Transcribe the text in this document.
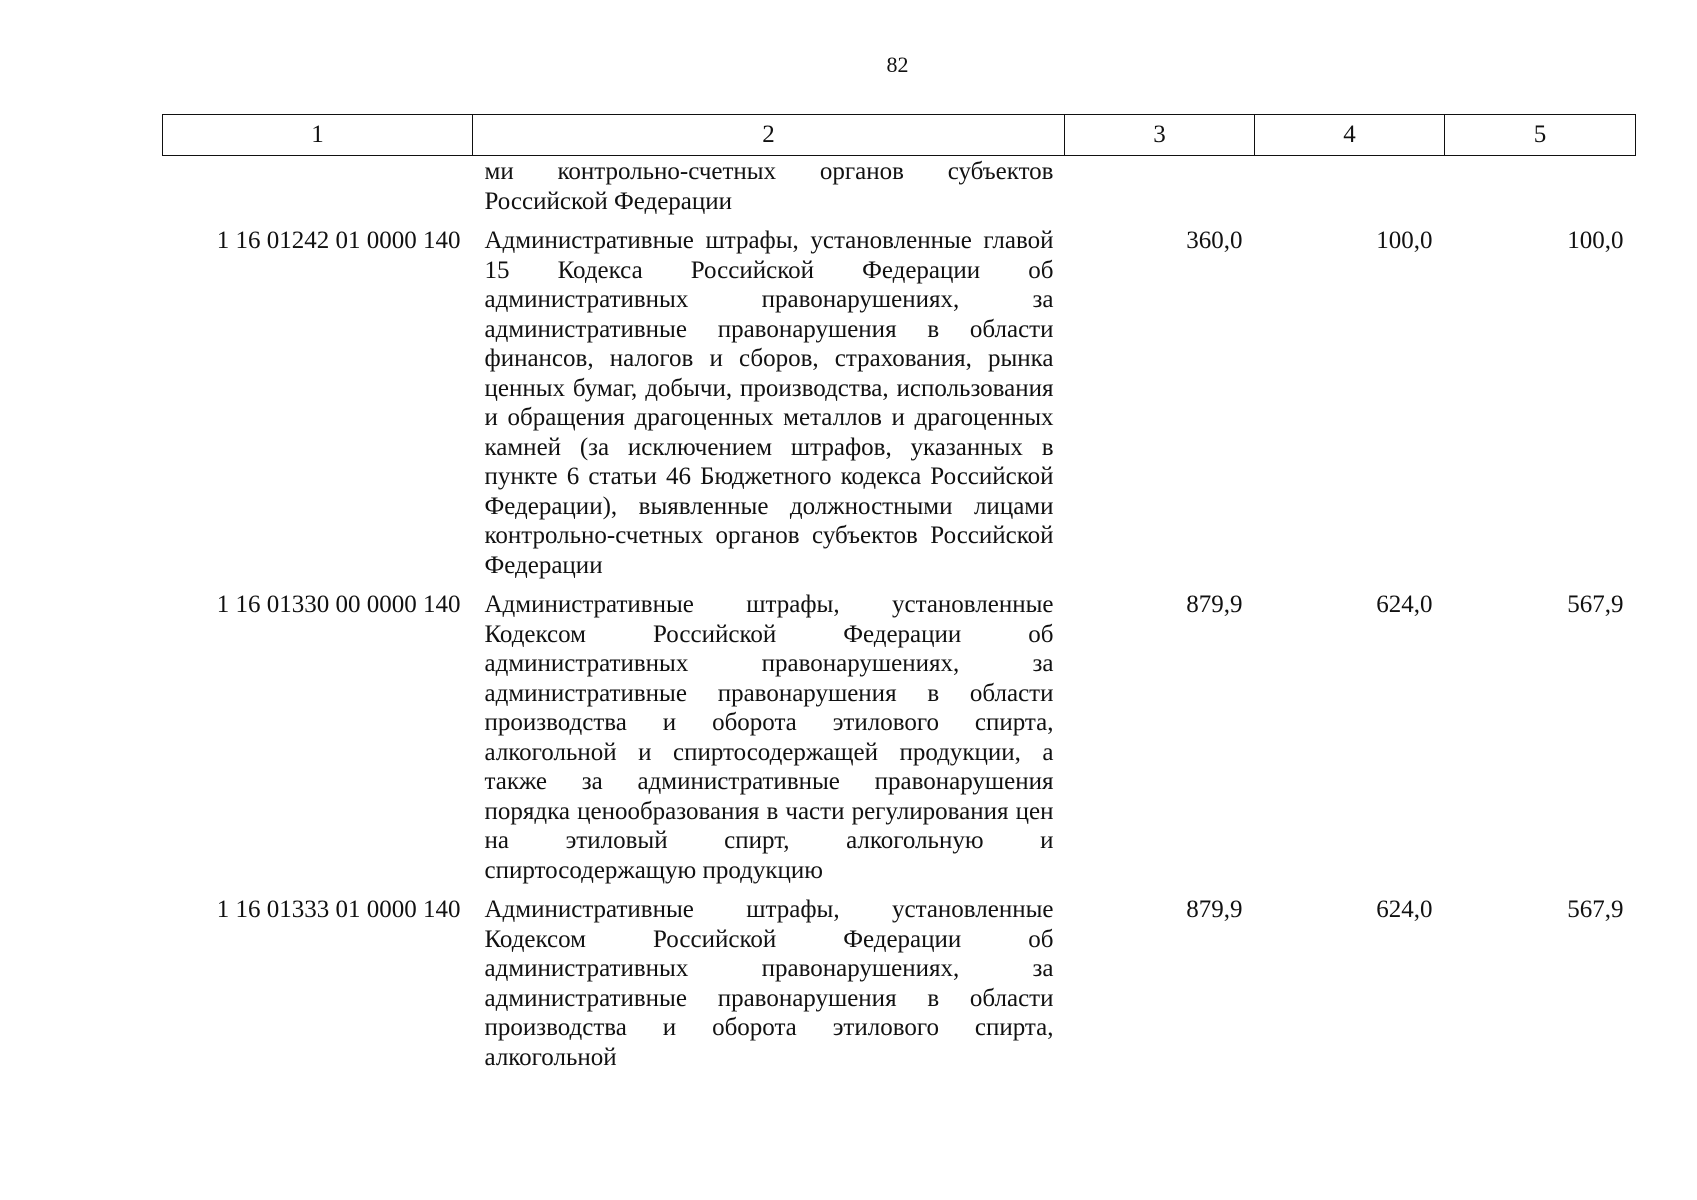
82
1	2	3	4	5
	ми контрольно-счетных органов субъектов Российской Федерации			
1 16 01242 01 0000 140	Административные штрафы, установленные главой 15 Кодекса Российской Федерации об административных правонарушениях, за административные правонарушения в области финансов, налогов и сборов, страхования, рынка ценных бумаг, добычи, производства, использования и обращения драгоценных металлов и драгоценных камней (за исключением штрафов, указанных в пункте 6 статьи 46 Бюджетного кодекса Российской Федерации), выявленные должностными лицами контрольно-счетных органов субъектов Российской Федерации	360,0	100,0	100,0
1 16 01330 00 0000 140	Административные штрафы, установленные Кодексом Российской Федерации об административных правонарушениях, за административные правонарушения в области производства и оборота этилового спирта, алкогольной и спиртосодержащей продукции, а также за административные правонарушения порядка ценообразования в части регулирования цен на этиловый спирт, алкогольную и спиртосодержащую продукцию	879,9	624,0	567,9
1 16 01333 01 0000 140	Административные штрафы, установленные Кодексом Российской Федерации об административных правонарушениях, за административные правонарушения в области производства и оборота этилового спирта, алкогольной	879,9	624,0	567,9
